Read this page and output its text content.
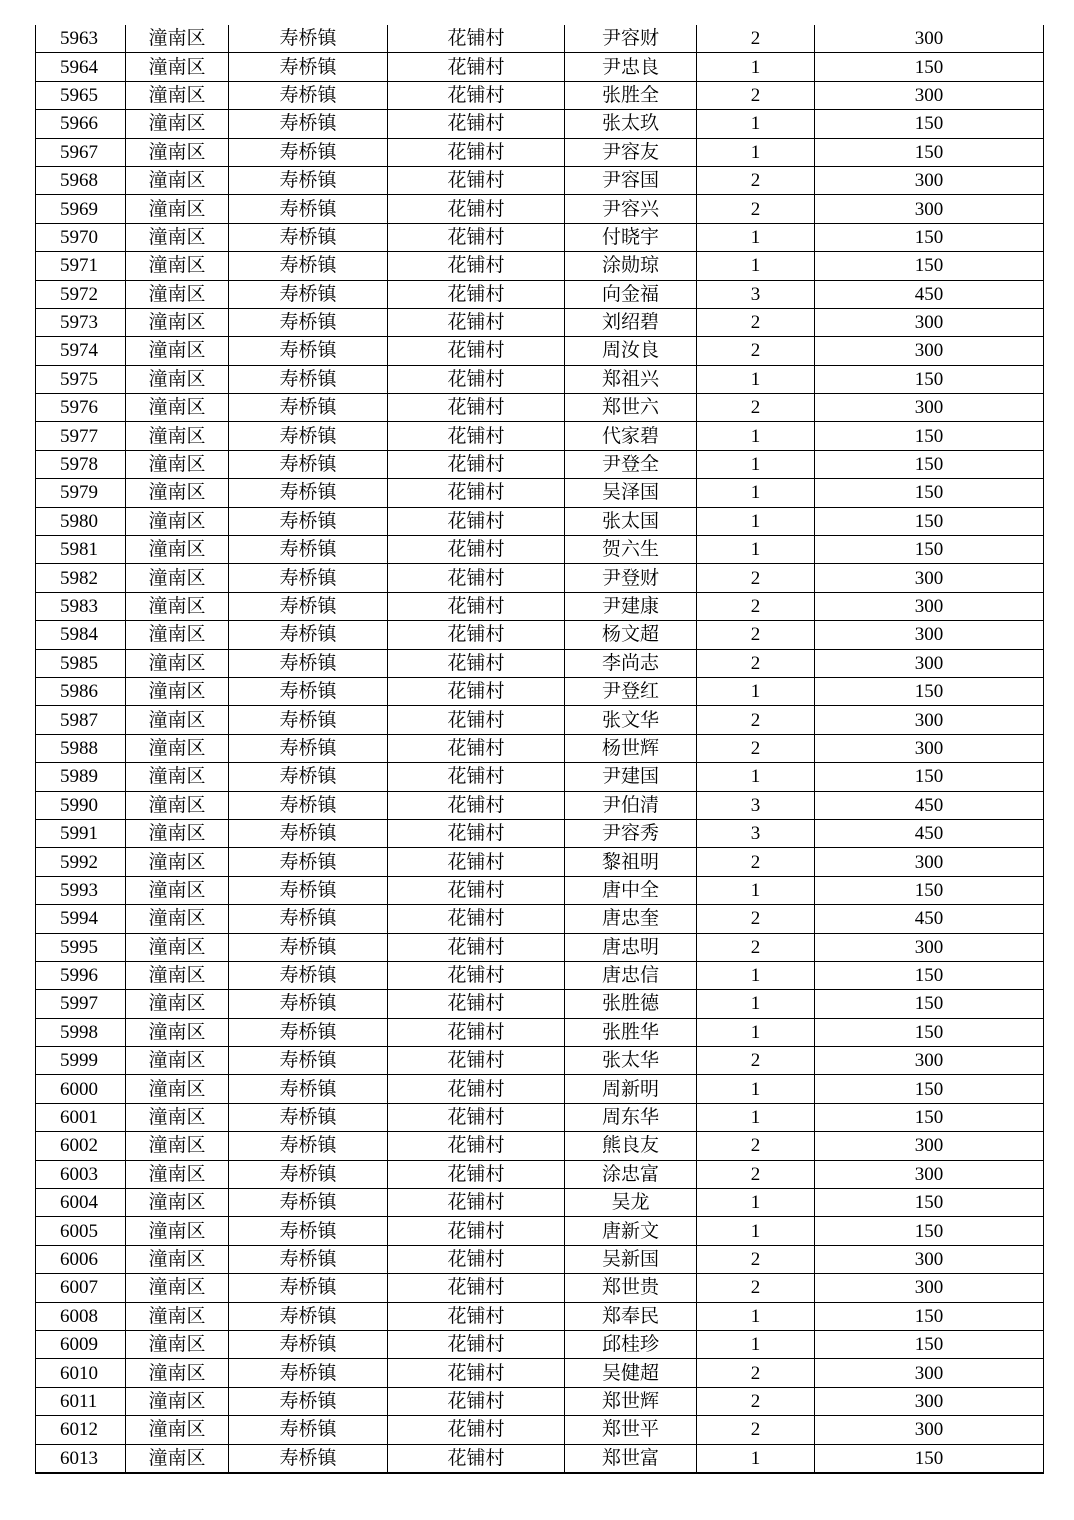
5963	潼南区	寿桥镇	花铺村	尹容财	2	300
5964	潼南区	寿桥镇	花铺村	尹忠良	1	150
5965	潼南区	寿桥镇	花铺村	张胜全	2	300
5966	潼南区	寿桥镇	花铺村	张太玖	1	150
5967	潼南区	寿桥镇	花铺村	尹容友	1	150
5968	潼南区	寿桥镇	花铺村	尹容国	2	300
5969	潼南区	寿桥镇	花铺村	尹容兴	2	300
5970	潼南区	寿桥镇	花铺村	付晓宇	1	150
5971	潼南区	寿桥镇	花铺村	涂勋琼	1	150
5972	潼南区	寿桥镇	花铺村	向金福	3	450
5973	潼南区	寿桥镇	花铺村	刘绍碧	2	300
5974	潼南区	寿桥镇	花铺村	周汝良	2	300
5975	潼南区	寿桥镇	花铺村	郑祖兴	1	150
5976	潼南区	寿桥镇	花铺村	郑世六	2	300
5977	潼南区	寿桥镇	花铺村	代家碧	1	150
5978	潼南区	寿桥镇	花铺村	尹登全	1	150
5979	潼南区	寿桥镇	花铺村	吴泽国	1	150
5980	潼南区	寿桥镇	花铺村	张太国	1	150
5981	潼南区	寿桥镇	花铺村	贺六生	1	150
5982	潼南区	寿桥镇	花铺村	尹登财	2	300
5983	潼南区	寿桥镇	花铺村	尹建康	2	300
5984	潼南区	寿桥镇	花铺村	杨文超	2	300
5985	潼南区	寿桥镇	花铺村	李尚志	2	300
5986	潼南区	寿桥镇	花铺村	尹登红	1	150
5987	潼南区	寿桥镇	花铺村	张文华	2	300
5988	潼南区	寿桥镇	花铺村	杨世辉	2	300
5989	潼南区	寿桥镇	花铺村	尹建国	1	150
5990	潼南区	寿桥镇	花铺村	尹伯清	3	450
5991	潼南区	寿桥镇	花铺村	尹容秀	3	450
5992	潼南区	寿桥镇	花铺村	黎祖明	2	300
5993	潼南区	寿桥镇	花铺村	唐中全	1	150
5994	潼南区	寿桥镇	花铺村	唐忠奎	2	450
5995	潼南区	寿桥镇	花铺村	唐忠明	2	300
5996	潼南区	寿桥镇	花铺村	唐忠信	1	150
5997	潼南区	寿桥镇	花铺村	张胜德	1	150
5998	潼南区	寿桥镇	花铺村	张胜华	1	150
5999	潼南区	寿桥镇	花铺村	张太华	2	300
6000	潼南区	寿桥镇	花铺村	周新明	1	150
6001	潼南区	寿桥镇	花铺村	周东华	1	150
6002	潼南区	寿桥镇	花铺村	熊良友	2	300
6003	潼南区	寿桥镇	花铺村	涂忠富	2	300
6004	潼南区	寿桥镇	花铺村	吴龙	1	150
6005	潼南区	寿桥镇	花铺村	唐新文	1	150
6006	潼南区	寿桥镇	花铺村	吴新国	2	300
6007	潼南区	寿桥镇	花铺村	郑世贵	2	300
6008	潼南区	寿桥镇	花铺村	郑奉民	1	150
6009	潼南区	寿桥镇	花铺村	邱桂珍	1	150
6010	潼南区	寿桥镇	花铺村	吴健超	2	300
6011	潼南区	寿桥镇	花铺村	郑世辉	2	300
6012	潼南区	寿桥镇	花铺村	郑世平	2	300
6013	潼南区	寿桥镇	花铺村	郑世富	1	150
